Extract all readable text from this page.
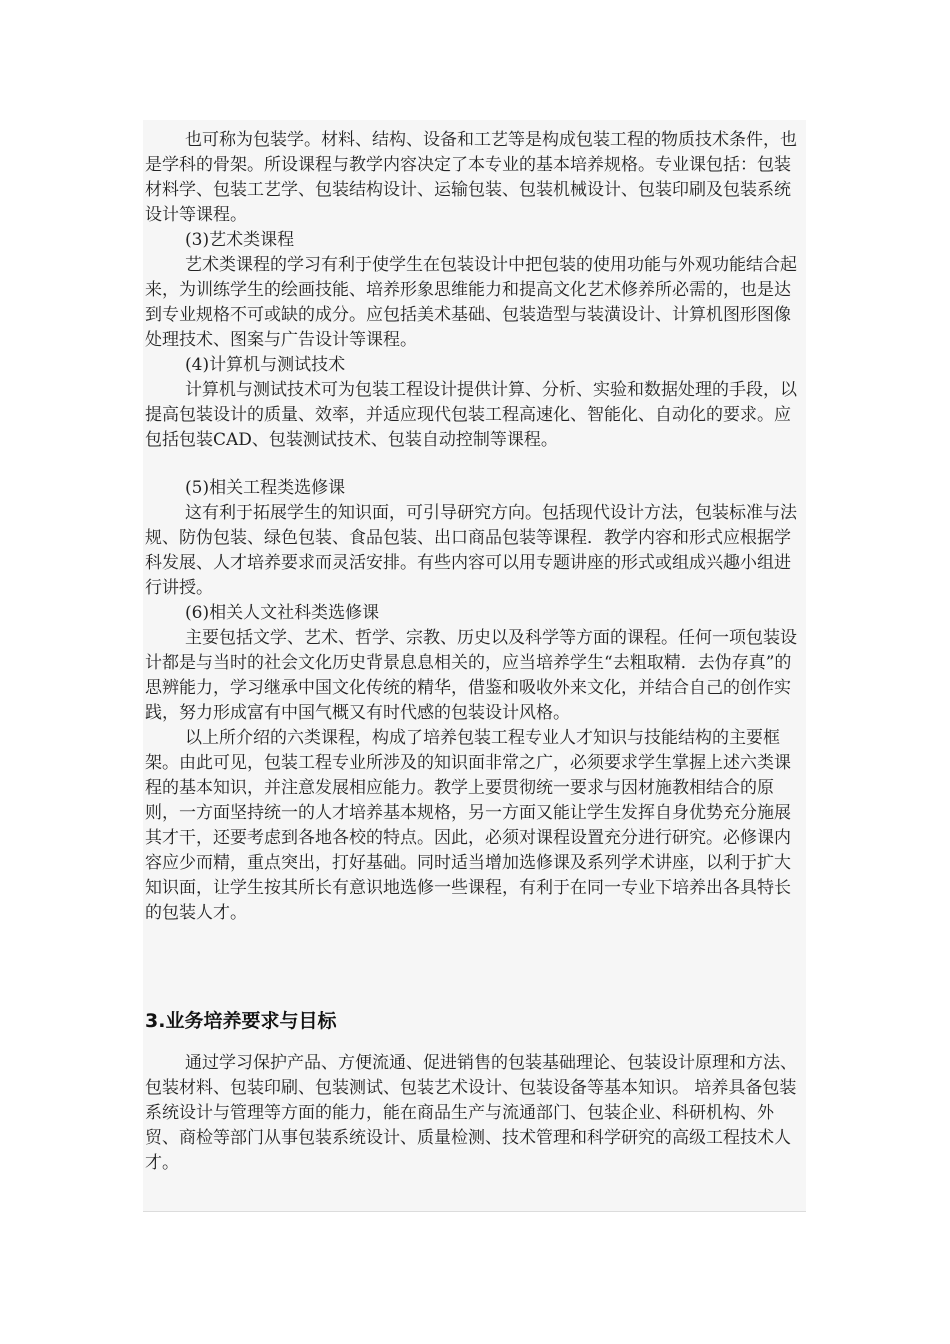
也可称为包装学。材料、结构、设备和工艺等是构成包装工程的物质技术条件，也是学科的骨架。所设课程与教学内容决定了本专业的基本培养规格。专业课包括：包装材料学、包装工艺学、包装结构设计、运输包装、包装机械设计、包装印刷及包装系统设计等课程。

(3)艺术类课程

艺术类课程的学习有利于使学生在包装设计中把包装的使用功能与外观功能结合起来，为训练学生的绘画技能、培养形象思维能力和提高文化艺术修养所必需的，也是达到专业规格不可或缺的成分。应包括美术基础、包装造型与装潢设计、计算机图形图像处理技术、图案与广告设计等课程。

(4)计算机与测试技术

计算机与测试技术可为包装工程设计提供计算、分析、实验和数据处理的手段，以提高包装设计的质量、效率，并适应现代包装工程高速化、智能化、自动化的要求。应包括包装CAD、包装测试技术、包装自动控制等课程。

(5)相关工程类选修课

这有利于拓展学生的知识面，可引导研究方向。包括现代设计方法，包装标准与法规、防伪包装、绿色包装、食品包装、出口商品包装等课程．教学内容和形式应根据学科发展、人才培养要求而灵活安排。有些内容可以用专题讲座的形式或组成兴趣小组进行讲授。

(6)相关人文社科类选修课

主要包括文学、艺术、哲学、宗教、历史以及科学等方面的课程。任何一项包装设计都是与当时的社会文化历史背景息息相关的，应当培养学生“去粗取精．去伪存真”的思辨能力，学习继承中国文化传统的精华，借鉴和吸收外来文化，并结合自己的创作实践，努力形成富有中国气概又有时代感的包装设计风格。

以上所介绍的六类课程，构成了培养包装工程专业人才知识与技能结构的主要框架。由此可见，包装工程专业所涉及的知识面非常之广，必须要求学生掌握上述六类课程的基本知识，并注意发展相应能力。教学上要贯彻统一要求与因材施教相结合的原则，一方面坚持统一的人才培养基本规格，另一方面又能让学生发挥自身优势充分施展其才干，还要考虑到各地各校的特点。因此，必须对课程设置充分进行研究。必修课内容应少而精，重点突出，打好基础。同时适当增加选修课及系列学术讲座，以利于扩大知识面，让学生按其所长有意识地选修一些课程，有利于在同一专业下培养出各具特长的包装人才。

3.业务培养要求与目标

通过学习保护产品、方便流通、促进销售的包装基础理论、包装设计原理和方法、包装材料、包装印刷、包装测试、包装艺术设计、包装设备等基本知识。 培养具备包装系统设计与管理等方面的能力，能在商品生产与流通部门、包装企业、科研机构、外贸、商检等部门从事包装系统设计、质量检测、技术管理和科学研究的高级工程技术人才。
